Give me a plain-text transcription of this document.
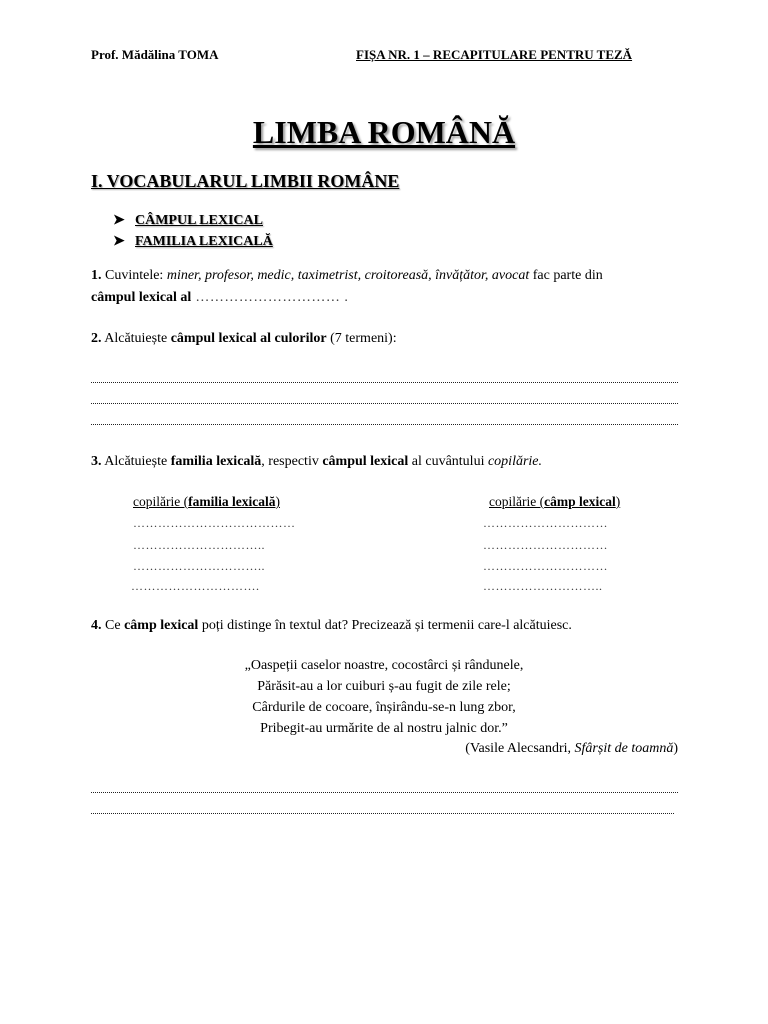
Prof. Mădălina TOMA	FIȘA NR. 1 – RECAPITULARE PENTRU TEZĂ
LIMBA ROMÂNĂ
I. VOCABULARUL LIMBII ROMÂNE
➤ CÂMPUL LEXICAL
➤ FAMILIA LEXICALĂ
1. Cuvintele: miner, profesor, medic, taximetrist, croitoreasă, învățător, avocat fac parte din
câmpul lexical al ………………………… .
2. Alcătuiește câmpul lexical al culorilor (7 termeni):
3. Alcătuiește familia lexicală, respectiv câmpul lexical al cuvântului copilărie.
copilărie (familia lexicală)	copilărie (câmp lexical)
…………………………………
…………………………..
…………………………..
………………………….
…………………………
…………………………
…………………………
………………………..
4. Ce câmp lexical poți distinge în textul dat? Precizează și termenii care-l alcătuiesc.
„Oaspeții caselor noastre, cocostârci și rândunele,
Părăsit-au a lor cuiburi ș-au fugit de zile rele;
Cârdurile de cocoare, înșirându-se-n lung zbor,
Pribegit-au urmărite de al nostru jalnic dor.”
(Vasile Alecsandri, Sfârșit de toamnă)
